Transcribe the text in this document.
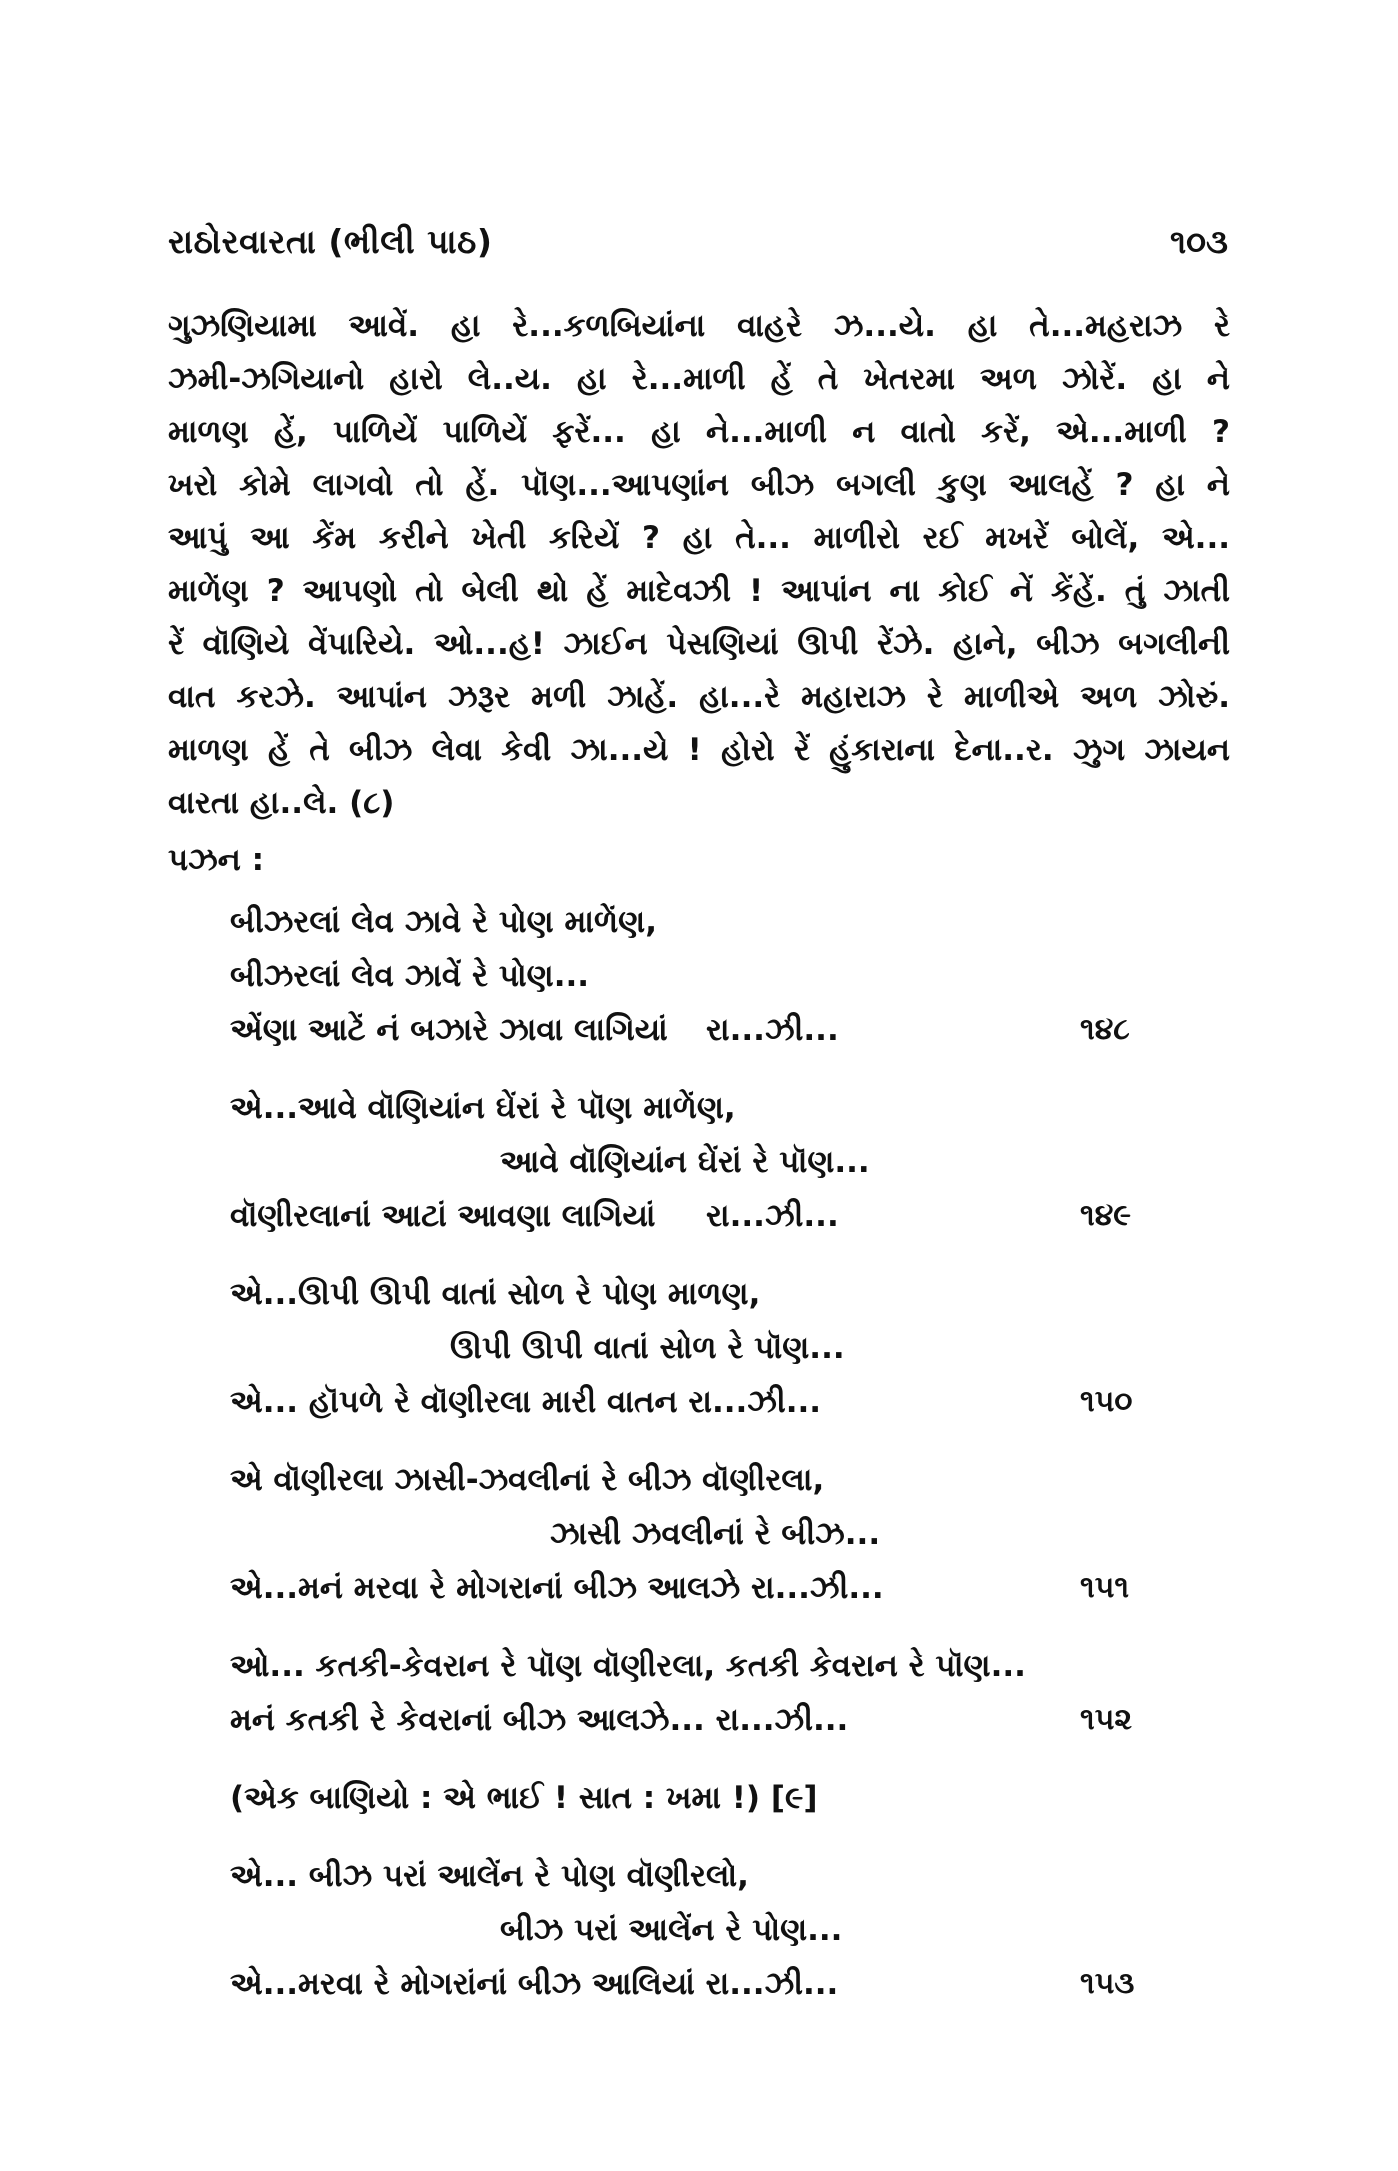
રાઠોરવારતા (ભીલી પાઠ)	૧૦૩
ગુઝણિયામા આવેં. હા રે...કળબિયાંના વાહરે ઝ...યે. હા તે...મહરાઝ રે
ઝમી-ઝગિયાનો હારો લે..ય. હા રે...માળી હેં તે ખેતરમા અળ ઝોરેં. હા ને
માળણ હેં, પાળિયેં પાળિયેં ફરેં... હા ને...માળી ન વાતો કરેં, એ...માળી ?
ખરો કોમે લાગવો તો હેં. પૉણ...આપણાંન બીઝ બગલી કુણ આલહેં ? હા ને
આપું આ કેંમ કરીને ખેતી કરિયેં ? હા તે... માળીરો રઈ મખરેં બોલેં, એ...
માળેંણ ? આપણો તો બેલી થો હેં માદેવઝી ! આપાંન ના કોઈ નેં કેંહેં. તું ઝાતી
રેં વૉણિયે વેંપારિયે. ઓ...હ! ઝાઈન પેસણિયાં ઊપી રેંઝે. હાને, બીઝ બગલીની
વાત કરઝે. આપાંન ઝરૂર મળી ઝાહેં. હા...રે મહારાઝ રે માળીએ અળ ઝોરું.
માળણ હેં તે બીઝ લેવા કેવી ઝા...યે ! હોરો રેં હુંકારાના દેના..ર. ઝુગ ઝાયન
વારતા હા..લે. (૮)
પઝન :
બીઝરલાં લેવ ઝાવે રે પોણ માળેંણ,
બીઝરલાં લેવ ઝાવેં રે પોણ...
એંણા આટેં નં બઝારે ઝાવા લાગિયાં રા...ઝી...	૧૪૮
એ...આવે વૉણિયાંન ઘેંરાં રે પૉણ માળેંણ,
આવે વૉણિયાંન ઘેંરાં રે પૉણ...
વૉણીરલાનાં આટાં આવણા લાગિયાં રા...ઝી...	૧૪૯
એ...ઊપી ઊપી વાતાં સોળ રે પોણ માળણ,
ઊપી ઊપી વાતાં સોળ રે પૉણ...
એ... હૉપળે રે વૉણીરલા મારી વાતન રા...ઝી...	૧૫૦
એ વૉણીરલા ઝાસી-ઝવલીનાં રે બીઝ વૉણીરલા,
ઝાસી ઝવલીનાં રે બીઝ...
એ...મનં મરવા રે મોગરાનાં બીઝ આલઝે રા...ઝી...	૧૫૧
ઓ... કતકી-કેવરાન રે પૉણ વૉણીરલા, કતકી કેવરાન રે પૉણ...
મનં કતકી રે કેવરાનાં બીઝ આલઝે... રા...ઝી...	૧૫૨
(એક બાણિયો : એ ભાઈ ! સાત : ખમા !) [૯]
એ... બીઝ પરાં આલેંન રે પોણ વૉણીરલો,
બીઝ પરાં આલેંન રે પોણ...
એ...મરવા રે મોગરાંનાં બીઝ આલિયાં રા...ઝી...	૧૫૩
